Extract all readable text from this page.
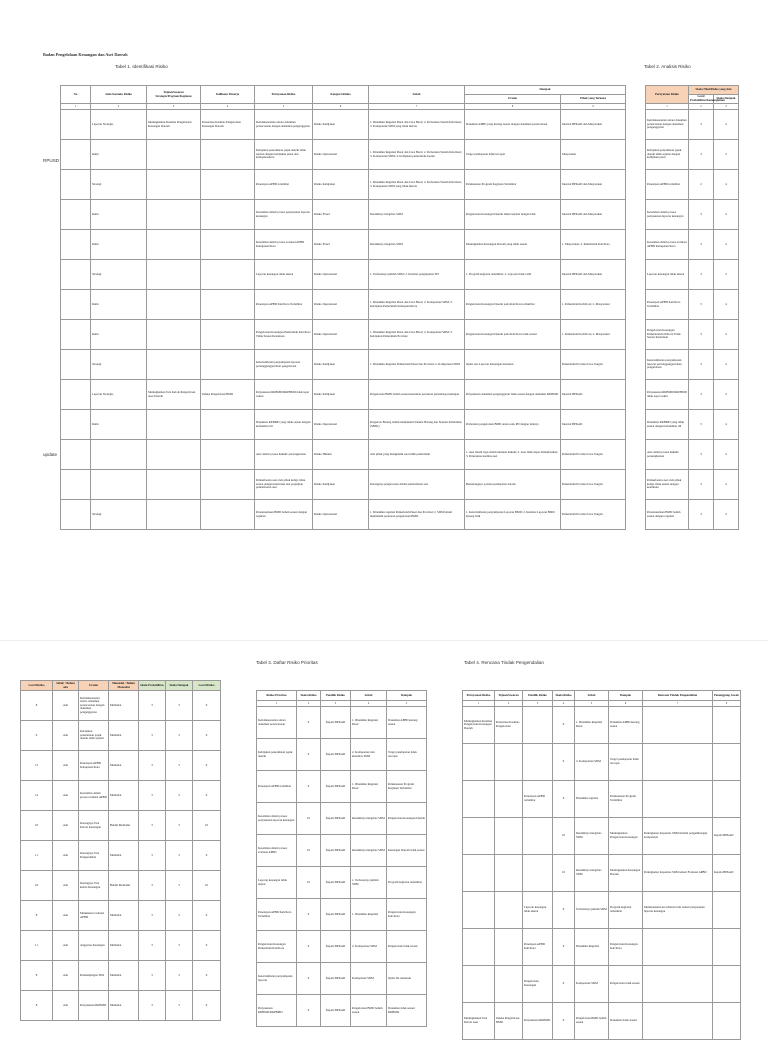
Badan Pengelolaan Keuangan dan Aset Daerah
Tabel 1. Identifikasi Risiko	Tabel 2. Analisis Risiko
RPUSD
update
No	Jenis Konteks Risiko	Tujuan/Sasaran Strategis/Program/Kegiatan	Indikator Kinerja	Pernyataan Risiko	Kategori Risiko	Sebab	Dampak	
							Uraian	Pihak yang Terkena
1	2	3	4	5	6	7	8	9
	Laporan Strategis	Meningkatkan Kualitas Pengelolaan Keuangan Daerah	Persentase Kualitas Pengelolaan Keuangan Daerah	Ketidaksesuaian antara dokumen perencanaan dengan dokumen penganggaran	Risiko Kebijakan	1. Dinamika Regulasi Pusat dan Jawa Barat; 2. Perbedaan Sistem Informasi; 3. Kompetensi SDM yang tidak merata	Dokumen APBD yang kurang sesuai dengan dokumen perencanaan	Internal BPKAD dan Masyarakat
	Rutin			Kebijakan penerimaan pajak daerah tidak sejalan dengan kebijakan pusat dan kabupaten/kota	Risiko Operasional	1. Dinamika Regulasi Pusat dan Jawa Barat; 2. Perbedaan Sistem Informasi; 3. Kompetensi SDM; 4. Kebijakan pemerintah daerah	Target pendapatan tidak tercapai	Masyarakat
	Strategi			Penetapan APBD terlambat	Risiko Kebijakan	1. Dinamika Regulasi Pusat dan Jawa Barat; 2. Perbedaan Sistem Informasi; 3. Kompetensi SDM yang tidak merata	Pelaksanaan Program Kegiatan Terlambat	Internal BPKAD dan Masyarakat
	Rutin			Kesalahan dalam proses penyusunan laporan keuangan	Risiko Fraud	Rendahnya integritas SDM	Pengelolaan Keuangan Daerah tidak berjalan dengan baik	Internal BPKAD dan Masyarakat
	Rutin			Kesalahan dalam proses evaluasi APBD Kabupaten/Kota	Risiko Fraud	Rendahnya integritas SDM	Meningkatkan Keuangan Daerah yang tidak sesuai	1. Masyarakat; 2. Pemerintah Kab/Kota
	Strategi			Laporan keuangan tidak akurat	Risiko Operasional	1. Terbatasnya jumlah SDM; 2. Kualitas penginputan SPJ	1. Program kegiatan terhambat; 2. Laporan tidak valid	Internal BPKAD dan Masyarakat
	Rutin			Penetapan APBD Kab/Kota Terlambat	Risiko Operasional	1. Dinamika Regulasi Pusat dan Jawa Barat; 2. Kompetensi SDM; 3. Kebijakan Pemerintah Kabupaten/Kota	Pengelolaan Keuangan Daerah pada Kab/Kota terhambat	1. Pemerintah Kab/Kota; 2. Masyarakat
	Rutin			Pengelolaan Keuangan Pemerintah Kab/Kota Tidak Sesuai Ketentuan	Risiko Operasional	1. Dinamika Regulasi Pusat dan Jawa Barat; 2. Kompetensi SDM; 3. Kebijakan Pemerintah Provinsi	Pengelolaan Keuangan Daerah pada Kab/Kota tidak sesuai	1. Pemerintah Kab/Kota; 2. Masyarakat
	Strategi			Keterlambatan penyampaian laporan pertanggungjawaban pengelolaan	Risiko Kebijakan	1. Dinamika Regulasi Pemerintah Pusat dan Provinsi; 2. Kompetensi SDM	Opini atas Laporan Keuangan menurun	Pemerintah Provinsi Jawa Tengah
	Laporan Strategis	Meningkatkan Tata Kelola Pengelolaan Aset Daerah	Indeks Pengelolaan BMD	Penyusunan RKBMD/RKPBMD tidak tepat waktu	Risiko Kebijakan	Pengelolaan BMD belum sesuai ketentuan peraturan perundang-undangan	Penyusunan dokumen penganggaran tidak sesuai dengan dokumen RKBMD	Internal BPKAD
	Rutin			Dokumen RKBMD yang tidak sesuai dengan kebutuhan riil	Risiko Operasional	Pengelola Barang belum memahami Standar Barang dan Standar Kebutuhan (SBSK)	Perbedaan pengelolaan BMD antara satu PD dengan lainnya	Internal BPKAD
				Aset dalam proses hukum/ persengketaan	Risiko Hukum	Ada pihak yang mengklaim aset milik pemerintah	1. Aset masih ragu dalam tuntutan hukum; 2. Aset tidak dapat dimanfaatkan; 3. Penurunan kualitas aset	Pemerintah Provinsi Jawa Tengah
				Pemanfaatan aset oleh pihak ketiga tidak sesuai dengan ketentuan dan perjanjian pemanfaatan aset	Risiko Kebijakan	Kurangnya pengawasan dalam pemanfaatan aset	Berkurangnya potensi pendapatan daerah	Pemerintah Provinsi Jawa Tengah
	Strategi			Penatausahaan BMD belum sesuai dengan regulasi	Risiko Operasional	1. Dinamika regulasi Pemerintah Pusat dan Provinsi; 2. SDM belum memahami peraturan pengelolaan BMD	1. Keterlambatan penyampaian Laporan BMD; 2. Kualitas Laporan BMD kurang baik	Pemerintah Provinsi Jawa Tengah
Pernyataan Risiko	Skala Nilai/Risiko yang Ada	
	Level Probabilitas/Kemungkinan	Skala Dampak
1	2	3
Ketidaksesuaian antara dokumen perencanaan dengan dokumen penganggaran	3	4
Kebijakan penerimaan pajak daerah tidak sejalan dengan kebijakan pusat	3	3
Penetapan APBD terlambat	2	4
Kesalahan dalam proses penyusunan laporan keuangan	3	4
Kesalahan dalam proses evaluasi APBD Kabupaten/Kota	3	4
Laporan keuangan tidak akurat	3	3
Penetapan APBD Kab/Kota Terlambat	3	4
Pengelolaan Keuangan Pemerintah Kab/Kota Tidak Sesuai Ketentuan	3	4
Keterlambatan penyampaian laporan pertanggungjawaban pengelolaan	3	4
Penyusunan RKBMD/RKPBMD tidak tepat waktu	3	4
Dokumen RKBMD yang tidak sesuai dengan kebutuhan riil	3	4
Aset dalam proses hukum/ persengketaan	3	4
Pemanfaatan aset oleh pihak ketiga tidak sesuai dengan ketentuan	3	4
Penatausahaan BMD belum sesuai dengan regulasi	3	4
Tabel 3. Daftar Risiko Prioritas	Tabel 4. Rencana Tindak Pengendalian
Level Risiko	Sebab / Belum ada	Uraian	Memadai / Belum Memadai	Skala Probabilitas	Skala Dampak	Level Risiko
8	Ada	Ketidaksesuaian antara dokumen perencanaan dengan dokumen penganggaran	Memadai	3	3	9
9	Ada	Kebijakan penerimaan pajak daerah tidak sejalan	Memadai	3	3	9
13	Ada	Penetapan APBD Kabupaten/Kota	Memadai	3	3	9
14	Ada	Kesalahan dalam proses evaluasi APBD	Memadai	3	3	9
16	Ada	Kurangnya Tata Kelola Keuangan	Belum Memadai	3	3	10
11	Ada	Kurangnya Tata Pengendalian	Memadai	3	3	9
16	Ada	Kurangnya Tata kelola Keuangan	Belum Memadai	3	3	10
8	Ada	Melakukan evaluasi APBD	Memadai	3	3	9
11	Ada	Anggaran Keuangan	Memadai	3	3	9
8	Ada	Pendampingan SIM	Memadai	3	3	9
8	Ada	Penyusunan RKBMD	Memadai	3	3	9
Risiko Prioritas	Skala Risiko	Pemilik Risiko	Sebab	Dampak
1	2	3	4	5
Ketidaksesuaian antara dokumen perencanaan	9	Kepala BPKAD	1. Dinamika Regulasi Pusat	Dokumen APBD kurang sesuai
Kebijakan penerimaan pajak daerah	9	Kepala BPKAD	2. Kompetensi dan kuantitas SDM	Target pendapatan tidak tercapai
Penetapan APBD terlambat	9	Kepala BPKAD	1. Dinamika Regulasi Pusat	Pelaksanaan Program Kegiatan Terlambat
Kesalahan dalam proses penyusunan laporan keuangan	10	Kepala BPKAD	Rendahnya integritas SDM	Pengelolaan Keuangan Daerah
Kesalahan dalam proses evaluasi APBD	10	Kepala BPKAD	Rendahnya integritas SDM	Keuangan Daerah tidak sesuai
Laporan keuangan tidak akurat	10	Kepala BPKAD	1. Terbatasnya jumlah SDM	Program kegiatan terhambat
Penetapan APBD Kab/Kota Terlambat	9	Kepala BPKAD	1. Dinamika Regulasi	Pengelolaan Keuangan Kab/Kota
Pengelolaan Keuangan Pemerintah Kab/Kota	9	Kepala BPKAD	2. Kompetensi SDM	Pengelolaan tidak sesuai
Keterlambatan penyampaian laporan	9	Kepala BPKAD	Kompetensi SDM	Opini LK menurun
Penyusunan RKBMD/RKPBMD	9	Kepala BPKAD	Pengelolaan BMD belum sesuai	Dokumen tidak sesuai RKBMD
Pernyataan Risiko	Tujuan/Sasaran	Pemilik Risiko	Skala Risiko	Sebab	Dampak	Rencana Tindak Pengendalian	Penanggung Jawab
1	2	3	4	5	6	7	8
Meningkatkan Kualitas Pengelolaan Keuangan Daerah	Persentase Kualitas Pengelolaan		9	1. Dinamika Regulasi Pusat	Dokumen APBD kurang sesuai		
			9	2. Kompetensi SDM	Target pendapatan tidak tercapai		
		Penetapan APBD terlambat	9	Dinamika regulasi	Pelaksanaan Program Terlambat		
			10	Rendahnya integritas SDM	Meningkatkan Pengelolaan Keuangan	Peningkatan Kapasitas SDM melalui pengembangan kompetensi	Kepala BPKAD
			10	Rendahnya integritas SDM	Meningkatkan Keuangan Daerah	Peningkatan Kapasitas SDM terkait Evaluasi APBD	Kepala BPKAD
		Laporan keuangan tidak akurat	9	Terbatasnya jumlah SDM	Program kegiatan terhambat	Melaksanakan koordinasi rutin terkait penyusunan laporan keuangan	
		Penetapan APBD Kab/Kota	9	Dinamika Regulasi	Pengelolaan Keuangan Kab/Kota		
		Pengelolaan Keuangan	9	Kompetensi SDM	Pengelolaan tidak sesuai		
Meningkatkan Tata Kelola Aset	Indeks Pengelolaan BMD	Penyusunan RKBMD	9	Pengelolaan BMD belum sesuai	Dokumen tidak sesuai		
